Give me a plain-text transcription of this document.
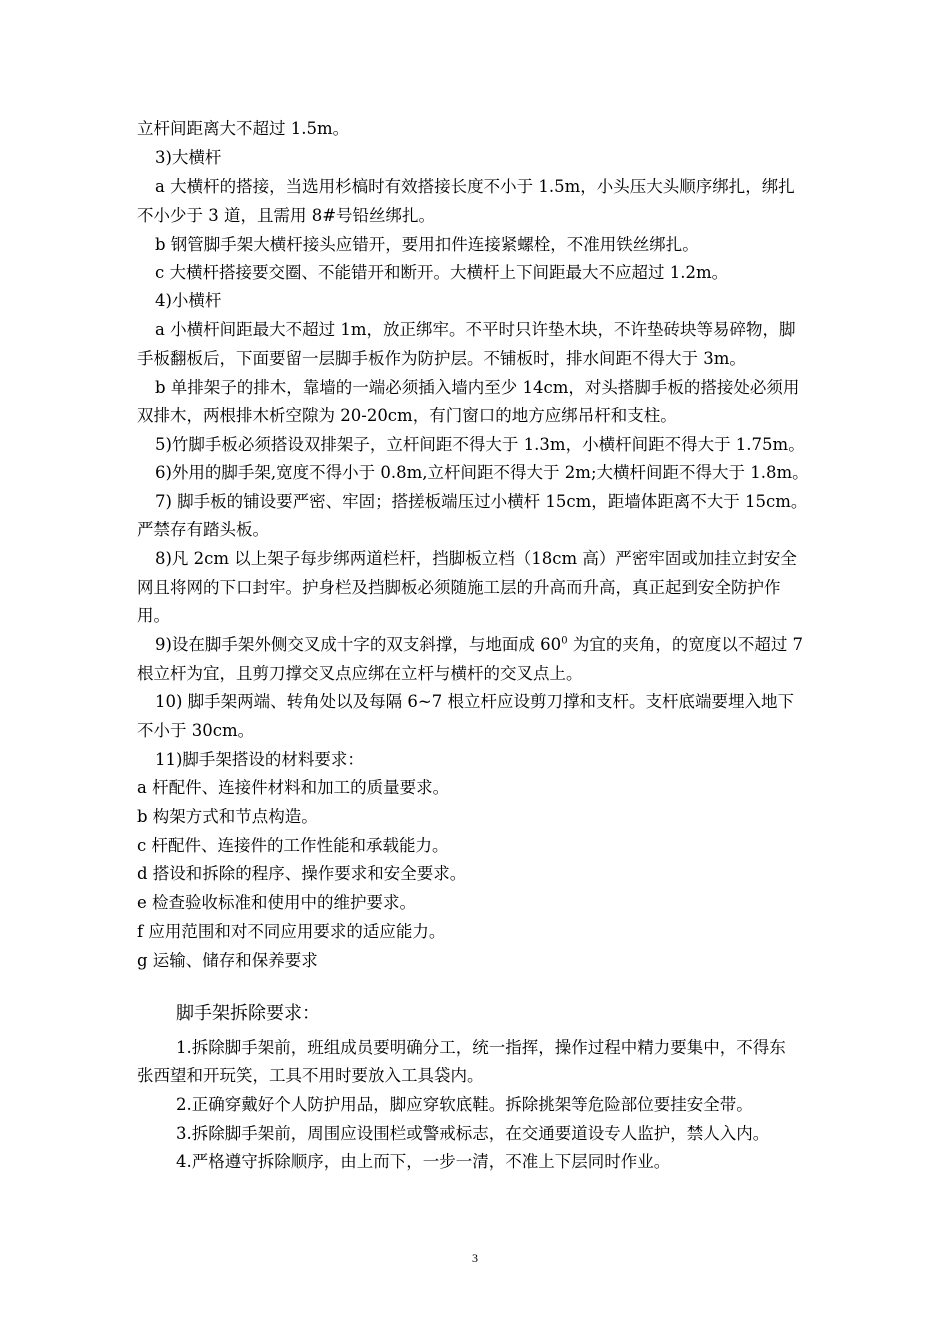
立杆间距离大不超过 1.5m。
3)大横杆
a 大横杆的搭接，当选用杉槁时有效搭接长度不小于 1.5m，小头压大头顺序绑扎，绑扎
不小少于 3 道，且需用 8#号铅丝绑扎。
b 钢管脚手架大横杆接头应错开，要用扣件连接紧螺栓，不准用铁丝绑扎。
c 大横杆搭接要交圈、不能错开和断开。大横杆上下间距最大不应超过 1.2m。
4)小横杆
a 小横杆间距最大不超过 1m，放正绑牢。不平时只许垫木块，不许垫砖块等易碎物，脚
手板翻板后，下面要留一层脚手板作为防护层。不铺板时，排水间距不得大于 3m。
b 单排架子的排木，靠墙的一端必须插入墙内至少 14cm，对头搭脚手板的搭接处必须用
双排木，两根排木析空隙为 20-20cm，有门窗口的地方应绑吊杆和支柱。
5)竹脚手板必须搭设双排架子，立杆间距不得大于 1.3m，小横杆间距不得大于 1.75m。
6)外用的脚手架,宽度不得小于 0.8m,立杆间距不得大于 2m;大横杆间距不得大于 1.8m。
7) 脚手板的铺设要严密、牢固；搭搓板端压过小横杆 15cm，距墙体距离不大于 15cm。
严禁存有踏头板。
8)凡 2cm 以上架子每步绑两道栏杆，挡脚板立档（18cm 高）严密牢固或加挂立封安全
网且将网的下口封牢。护身栏及挡脚板必须随施工层的升高而升高，真正起到安全防护作
用。
9)设在脚手架外侧交叉成十字的双支斜撑，与地面成 $60^0$ 为宜的夹角，的宽度以不超过 7
根立杆为宜，且剪刀撑交叉点应绑在立杆与横杆的交叉点上。
10) 脚手架两端、转角处以及每隔 6~7 根立杆应设剪刀撑和支杆。支杆底端要埋入地下
不小于 30cm。
11)脚手架搭设的材料要求：
a 杆配件、连接件材料和加工的质量要求。
b 构架方式和节点构造。
c 杆配件、连接件的工作性能和承载能力。
d 搭设和拆除的程序、操作要求和安全要求。
e 检查验收标准和使用中的维护要求。
f 应用范围和对不同应用要求的适应能力。
g 运输、储存和保养要求
脚手架拆除要求：
1.拆除脚手架前，班组成员要明确分工，统一指挥，操作过程中精力要集中，不得东
张西望和开玩笑，工具不用时要放入工具袋内。
2.正确穿戴好个人防护用品，脚应穿软底鞋。拆除挑架等危险部位要挂安全带。
3.拆除脚手架前，周围应设围栏或警戒标志，在交通要道设专人监护，禁人入内。
4.严格遵守拆除顺序，由上而下，一步一清，不准上下层同时作业。
3
